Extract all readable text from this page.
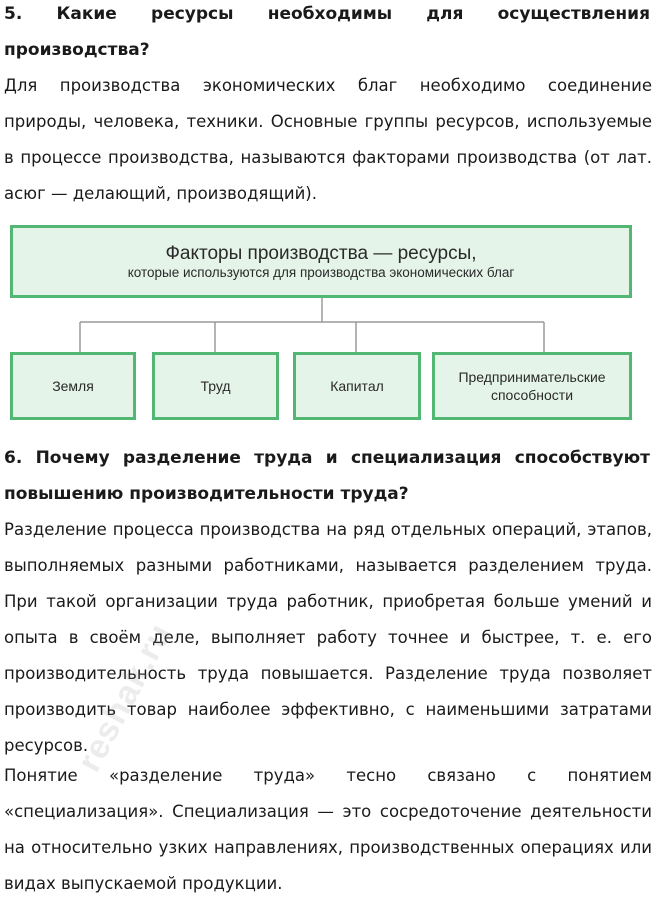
5. Какие ресурсы необходимы для осуществления производства?

Для производства экономических благ необходимо соединение природы, человека, техники. Основные группы ресурсов, используемые в процессе производства, называются факторами производства (от лат. асюг — делающий, производящий).

Факторы производства — ресурсы,
которые используются для производства экономических благ
Земля	Труд	Капитал
Предпринимательские способности
6. Почему разделение труда и специализация способствуют повышению производительности труда?

Разделение процесса производства на ряд отдельных операций, этапов, выполняемых разными работниками, называется разделением труда. При такой организации труда работник, приобретая больше умений и опыта в своём деле, выполняет работу точнее и быстрее, т. е. его производительность труда повышается. Разделение труда позволяет производить товар наиболее эффективно, с наименьшими затратами ресурсов.

Понятие «разделение труда» тесно связано с понятием «специализация». Специализация — это сосредоточение деятельности на относительно узких направлениях, производственных операциях или видах выпускаемой продукции.

reshak.ru
